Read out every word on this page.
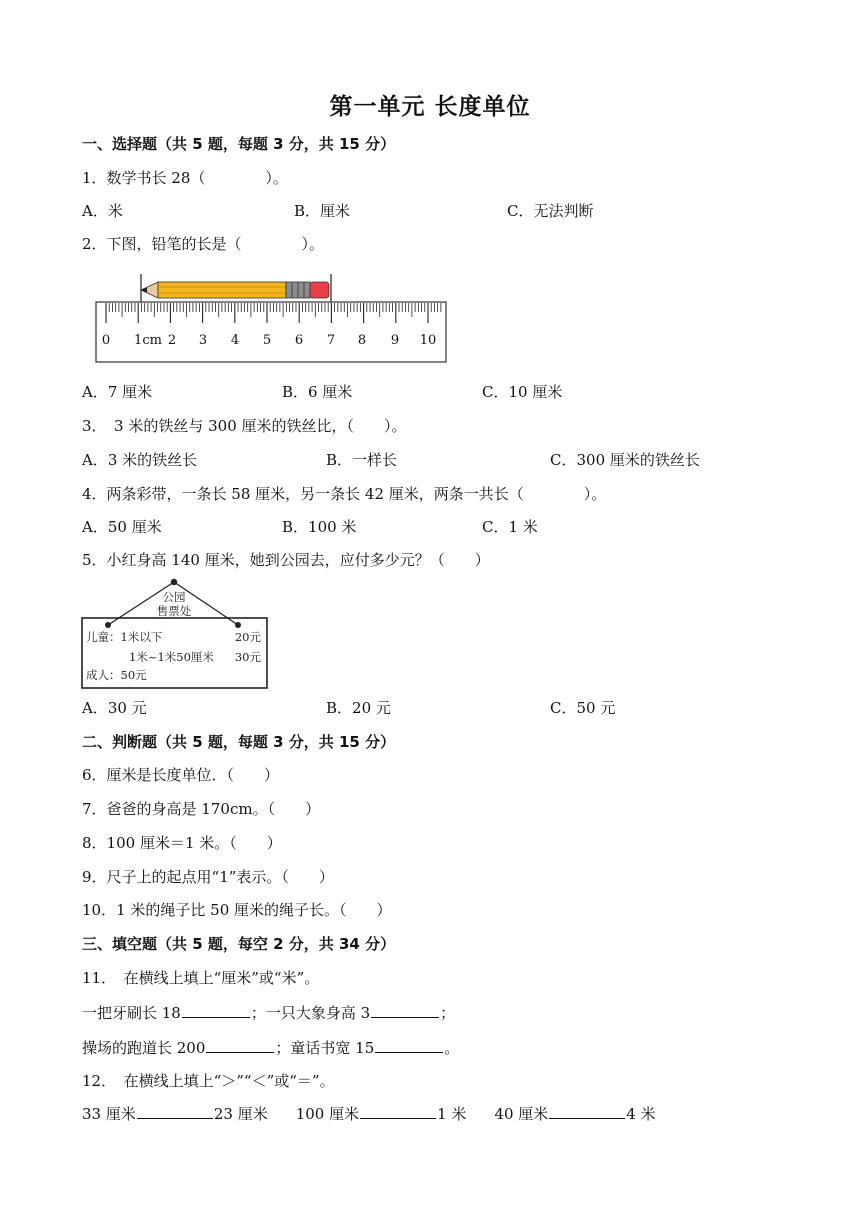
第一单元 长度单位
一、选择题（共 5 题，每题 3 分，共 15 分）
1．数学书长 28（　　　　）。
A．米	B．厘米	C．无法判断
2．下图，铅笔的长是（　　　　）。
0 1cm 2 3 4 5 6 7 8 9 10
A．7 厘米	B．6 厘米	C．10 厘米
3．　3 米的铁丝与 300 厘米的铁丝比，（　　）。
A．3 米的铁丝长	B．一样长	C．300 厘米的铁丝长
4．两条彩带，一条长 58 厘米，另一条长 42 厘米，两条一共长（　　　　）。
A．50 厘米	B．100 米	C．1 米
5．小红身高 140 厘米，她到公园去，应付多少元？（　　）
公园
售票处
儿童：1米以下	20元
1米~1米50厘米 30元
成人：50元
A．30 元	B．20 元	C．50 元
二、判断题（共 5 题，每题 3 分，共 15 分）
6．厘米是长度单位．（　　）
7．爸爸的身高是 170cm。（　　）
8．100 厘米＝1 米。（　　）
9．尺子上的起点用“1”表示。（　　）
10．1 米的绳子比 50 厘米的绳子长。（　　）
三、填空题（共 5 题，每空 2 分，共 34 分）
11．　在横线上填上“厘米”或“米”。
一把牙刷长 18	；一只大象身高 3	；
操场的跑道长 200	；童话书宽 15	。
12．　在横线上填上“＞”“＜”或“＝”。
33 厘米	23 厘米 100 厘米	1 米 40 厘米	4 米
